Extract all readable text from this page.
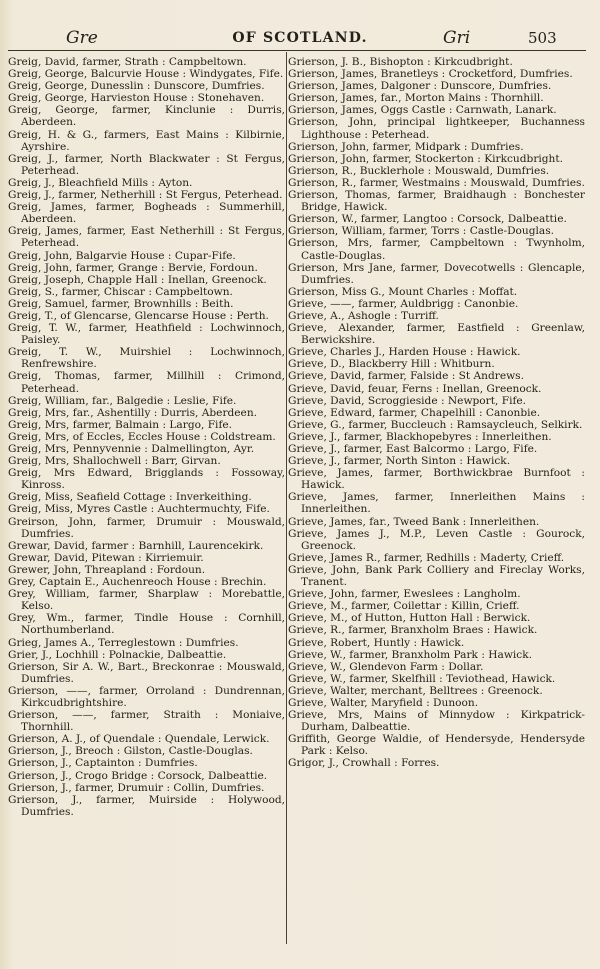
Gre	OF SCOTLAND.	Gri	503

Greig, David, farmer, Strath : Campbeltown.

Greig, George, Balcurvie House : Windygates, Fife.

Greig, George, Dunesslin : Dunscore, Dumfries.

Greig, George, Harvieston House : Stonehaven.

Greig, George, farmer, Kinclunie : Durris, Aberdeen.

Greig, H. & G., farmers, East Mains : Kilbirnie, Ayrshire.

Greig, J., farmer, North Blackwater : St Fergus, Peterhead.

Greig, J., Bleachfield Mills : Ayton.

Greig, J., farmer, Netherhill : St Fergus, Peterhead.

Greig, James, farmer, Bogheads : Summerhill, Aberdeen.

Greig, James, farmer, East Netherhill : St Fergus, Peterhead.

Greig, John, Balgarvie House : Cupar-Fife.

Greig, John, farmer, Grange : Bervie, Fordoun.

Greig, Joseph, Chapple Hall : Inellan, Greenock.

Greig, S., farmer, Chiscar : Campbeltown.

Greig, Samuel, farmer, Brownhills : Beith.

Greig, T., of Glencarse, Glencarse House : Perth.

Greig, T. W., farmer, Heathfield : Lochwinnoch, Paisley.

Greig, T. W., Muirshiel : Lochwinnoch, Renfrewshire.

Greig, Thomas, farmer, Millhill : Crimond, Peterhead.

Greig, William, far., Balgedie : Leslie, Fife.

Greig, Mrs, far., Ashentilly : Durris, Aberdeen.

Greig, Mrs, farmer, Balmain : Largo, Fife.

Greig, Mrs, of Eccles, Eccles House : Coldstream.

Greig, Mrs, Pennyvennie : Dalmellington, Ayr.

Greig, Mrs, Shallochwell : Barr, Girvan.

Greig, Mrs Edward, Brigglands : Fossoway, Kinross.

Greig, Miss, Seafield Cottage : Inverkeithing.

Greig, Miss, Myres Castle : Auchtermuchty, Fife.

Greirson, John, farmer, Drumuir : Mouswald, Dumfries.

Grewar, David, farmer : Barnhill, Laurencekirk.

Grewar, David, Pitewan : Kirriemuir.

Grewer, John, Threapland : Fordoun.

Grey, Captain E., Auchenreoch House : Brechin.

Grey, William, farmer, Sharplaw : Morebattle, Kelso.

Grey, Wm., farmer, Tindle House : Cornhill, Northumberland.

Grieg, James A., Terreglestown : Dumfries.

Grier, J., Lochhill : Polnackie, Dalbeattie.

Grierson, Sir A. W., Bart., Breckonrae : Mouswald, Dumfries.

Grierson, ——, farmer, Orroland : Dundrennan, Kirkcudbrightshire.

Grierson, ——, farmer, Straith : Moniaive, Thornhill.

Grierson, A. J., of Quendale : Quendale, Lerwick.

Grierson, J., Breoch : Gilston, Castle-Douglas.

Grierson, J., Captainton : Dumfries.

Grierson, J., Crogo Bridge : Corsock, Dalbeattie.

Grierson, J., farmer, Drumuir : Collin, Dumfries.

Grierson, J., farmer, Muirside : Holywood, Dumfries.

Grierson, J. B., Bishopton : Kirkcudbright.

Grierson, James, Branetleys : Crocketford, Dumfries.

Grierson, James, Dalgoner : Dunscore, Dumfries.

Grierson, James, far., Morton Mains : Thornhill.

Grierson, James, Oggs Castle : Carnwath, Lanark.

Grierson, John, principal lightkeeper, Buchanness Lighthouse : Peterhead.

Grierson, John, farmer, Midpark : Dumfries.

Grierson, John, farmer, Stockerton : Kirkcudbright.

Grierson, R., Bucklerhole : Mouswald, Dumfries.

Grierson, R., farmer, Westmains : Mouswald, Dumfries.

Grierson, Thomas, farmer, Braidhaugh : Bonchester Bridge, Hawick.

Grierson, W., farmer, Langtoo : Corsock, Dalbeattie.

Grierson, William, farmer, Torrs : Castle-Douglas.

Grierson, Mrs, farmer, Campbeltown : Twynholm, Castle-Douglas.

Grierson, Mrs Jane, farmer, Dovecotwells : Glencaple, Dumfries.

Grierson, Miss G., Mount Charles : Moffat.

Grieve, ——, farmer, Auldbrigg : Canonbie.

Grieve, A., Ashogle : Turriff.

Grieve, Alexander, farmer, Eastfield : Greenlaw, Berwickshire.

Grieve, Charles J., Harden House : Hawick.

Grieve, D., Blackberry Hill : Whitburn.

Grieve, David, farmer, Falside : St Andrews.

Grieve, David, feuar, Ferns : Inellan, Greenock.

Grieve, David, Scroggieside : Newport, Fife.

Grieve, Edward, farmer, Chapelhill : Canonbie.

Grieve, G., farmer, Buccleuch : Ramsaycleuch, Selkirk.

Grieve, J., farmer, Blackhopebyres : Innerleithen.

Grieve, J., farmer, East Balcormo : Largo, Fife.

Grieve, J., farmer, North Sinton : Hawick.

Grieve, James, farmer, Borthwickbrae Burnfoot : Hawick.

Grieve, James, farmer, Innerleithen Mains : Innerleithen.

Grieve, James, far., Tweed Bank : Innerleithen.

Grieve, James J., M.P., Leven Castle : Gourock, Greenock.

Grieve, James R., farmer, Redhills : Maderty, Crieff.

Grieve, John, Bank Park Colliery and Fireclay Works, Tranent.

Grieve, John, farmer, Eweslees : Langholm.

Grieve, M., farmer, Coilettar : Killin, Crieff.

Grieve, M., of Hutton, Hutton Hall : Berwick.

Grieve, R., farmer, Branxholm Braes : Hawick.

Grieve, Robert, Huntly : Hawick.

Grieve, W., farmer, Branxholm Park : Hawick.

Grieve, W., Glendevon Farm : Dollar.

Grieve, W., farmer, Skelfhill : Teviothead, Hawick.

Grieve, Walter, merchant, Belltrees : Greenock.

Grieve, Walter, Maryfield : Dunoon.

Grieve, Mrs, Mains of Minnydow : Kirkpatrick-Durham, Dalbeattie.

Griffith, George Waldie, of Hendersyde, Hendersyde Park : Kelso.

Grigor, J., Crowhall : Forres.
